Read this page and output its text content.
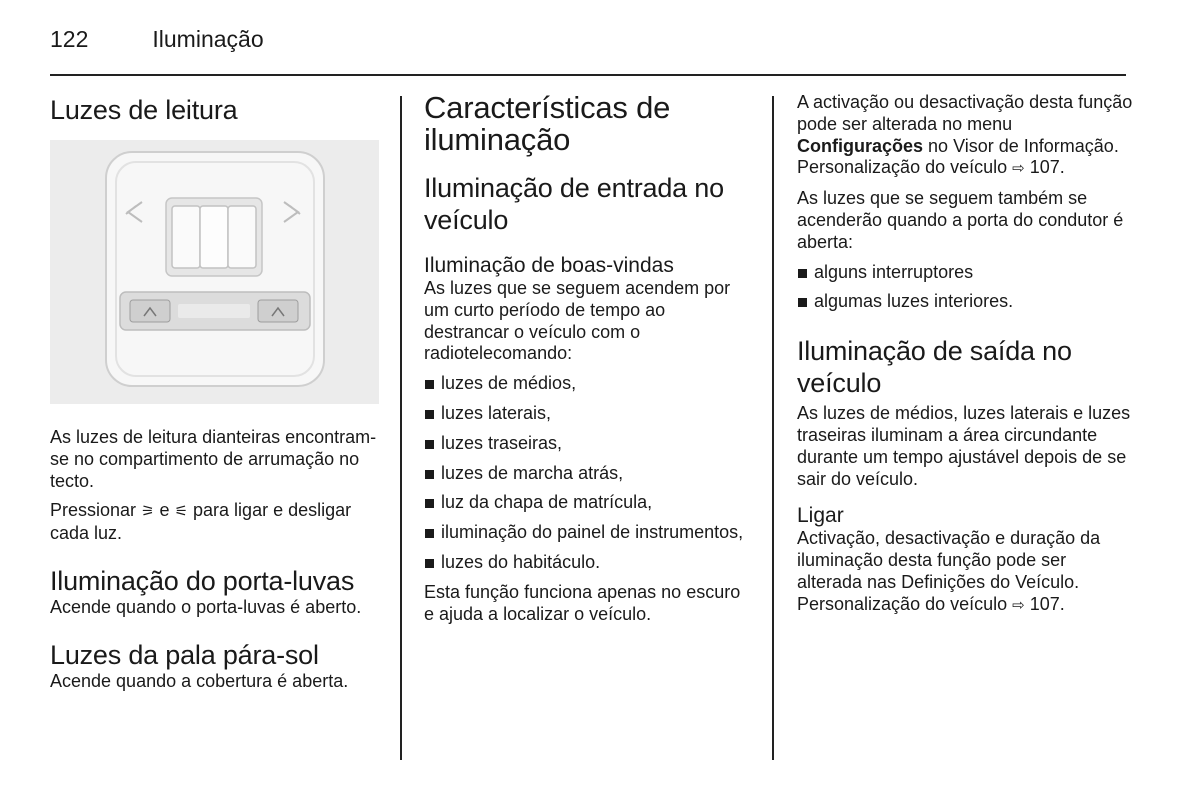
122	Iluminação
Luzes de leitura

As luzes de leitura dianteiras encontram-se no compartimento de arrumação no tecto.

Pressionar ⚞ e ⚟ para ligar e desligar cada luz.

Iluminação do porta-luvas

Acende quando o porta-luvas é aberto.

Luzes da pala pára-sol

Acende quando a cobertura é aberta.

Características de iluminação
Iluminação de entrada no veículo
Iluminação de boas-vindas

As luzes que se seguem acendem por um curto período de tempo ao destrancar o veículo com o radiotelecomando:

luzes de médios,
luzes laterais,
luzes traseiras,
luzes de marcha atrás,
luz da chapa de matrícula,
iluminação do painel de instrumentos,
luzes do habitáculo.

Esta função funciona apenas no escuro e ajuda a localizar o veículo.

A activação ou desactivação desta função pode ser alterada no menu Configurações no Visor de Informação. Personalização do veículo ⇨ 107.

As luzes que se seguem também se acenderão quando a porta do condutor é aberta:

alguns interruptores
algumas luzes interiores.
Iluminação de saída no veículo

As luzes de médios, luzes laterais e luzes traseiras iluminam a área circundante durante um tempo ajustável depois de se sair do veículo.

Ligar

Activação, desactivação e duração da iluminação desta função pode ser alterada nas Definições do Veículo. Personalização do veículo ⇨ 107.
